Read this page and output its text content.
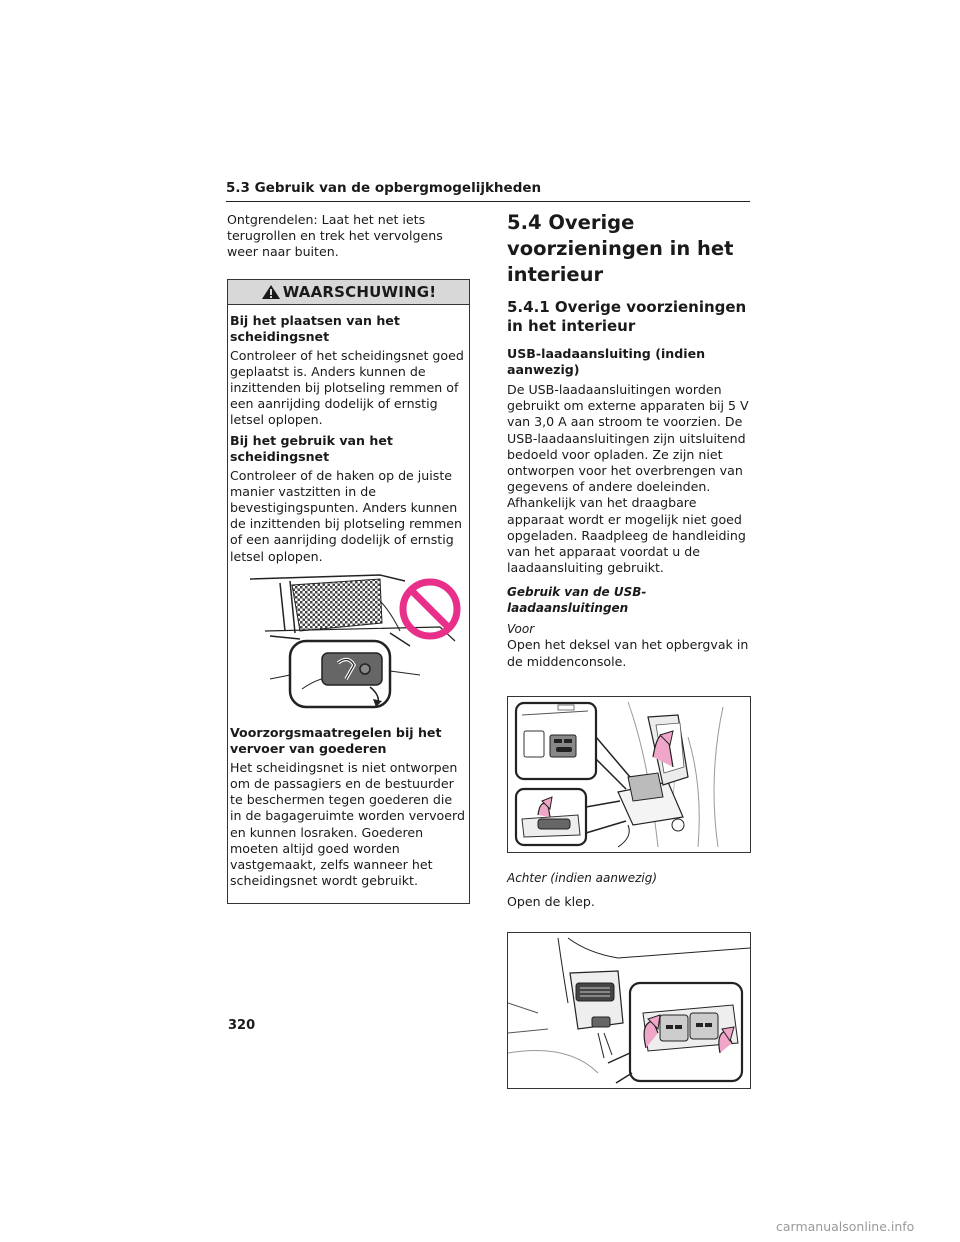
5.3 Gebruik van de opbergmogelijkheden

Ontgrendelen: Laat het net iets terugrollen en trek het vervolgens weer naar buiten.

WAARSCHUWING!
Bij het plaatsen van het scheidingsnet

Controleer of het scheidingsnet goed geplaatst is. Anders kunnen de inzittenden bij plotseling remmen of een aanrijding dodelijk of ernstig letsel oplopen.

Bij het gebruik van het scheidingsnet

Controleer of de haken op de juiste manier vastzitten in de bevestigingspunten. Anders kunnen de inzittenden bij plotseling remmen of een aanrijding dodelijk of ernstig letsel oplopen.

Voorzorgsmaatregelen bij het vervoer van goederen

Het scheidingsnet is niet ontworpen om de passagiers en de bestuurder te beschermen tegen goederen die in de bagageruimte worden vervoerd en kunnen losraken. Goederen moeten altijd goed worden vastgemaakt, zelfs wanneer het scheidingsnet wordt gebruikt.

5.4 Overige voorzieningen in het interieur
5.4.1 Overige voorzieningen in het interieur
USB-laadaansluiting (indien aanwezig)

De USB-laadaansluitingen worden gebruikt om externe apparaten bij 5 V van 3,0 A aan stroom te voorzien. De USB-laadaansluitingen zijn uitsluitend bedoeld voor opladen. Ze zijn niet ontworpen voor het overbrengen van gegevens of andere doeleinden. Afhankelijk van het draagbare apparaat wordt er mogelijk niet goed opgeladen. Raadpleeg de handleiding van het apparaat voordat u de laadaansluiting gebruikt.

Gebruik van de USB-laadaansluitingen

Voor

Open het deksel van het opbergvak in de middenconsole.

Achter (indien aanwezig)

Open de klep.

320
carmanualsonline.info
